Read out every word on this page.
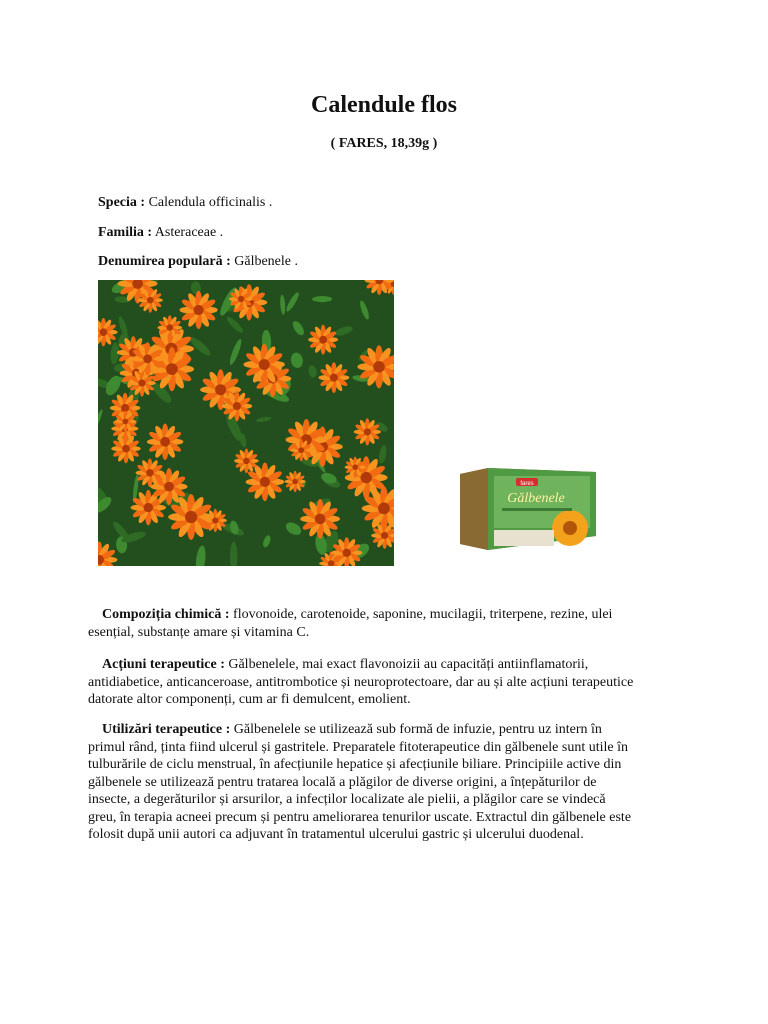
Calendule flos

( FARES, 18,39g )

Specia : Calendula officinalis .
Familia : Asteraceae .
Denumirea populară : Gălbenele .
fares
Gălbenele
Compoziția chimică : flovonoide, carotenoide, saponine, mucilagii, triterpene, rezine, ulei
esențial, substanțe amare și vitamina C.
Acțiuni terapeutice : Gălbenelele, mai exact flavonoizii au capacități antiinflamatorii,
antidiabetice, anticanceroase, antitrombotice și neuroprotectoare, dar au și alte acțiuni terapeutice
datorate altor componenți, cum ar fi demulcent, emolient.
Utilizări terapeutice : Gălbenelele se utilizează sub formă de infuzie, pentru uz intern în
primul rând, ținta fiind ulcerul și gastritele. Preparatele fitoterapeutice din gălbenele sunt utile în
tulburările de ciclu menstrual, în afecțiunile hepatice și afecțiunile biliare. Principiile active din
gălbenele se utilizează pentru tratarea locală a plăgilor de diverse origini, a înțepăturilor de
insecte, a degerăturilor și arsurilor, a infecților localizate ale pielii, a plăgilor care se vindecă
greu, în terapia acneei precum și pentru ameliorarea tenurilor uscate. Extractul din gălbenele este
folosit după unii autori ca adjuvant în tratamentul ulcerului gastric și ulcerului duodenal.
